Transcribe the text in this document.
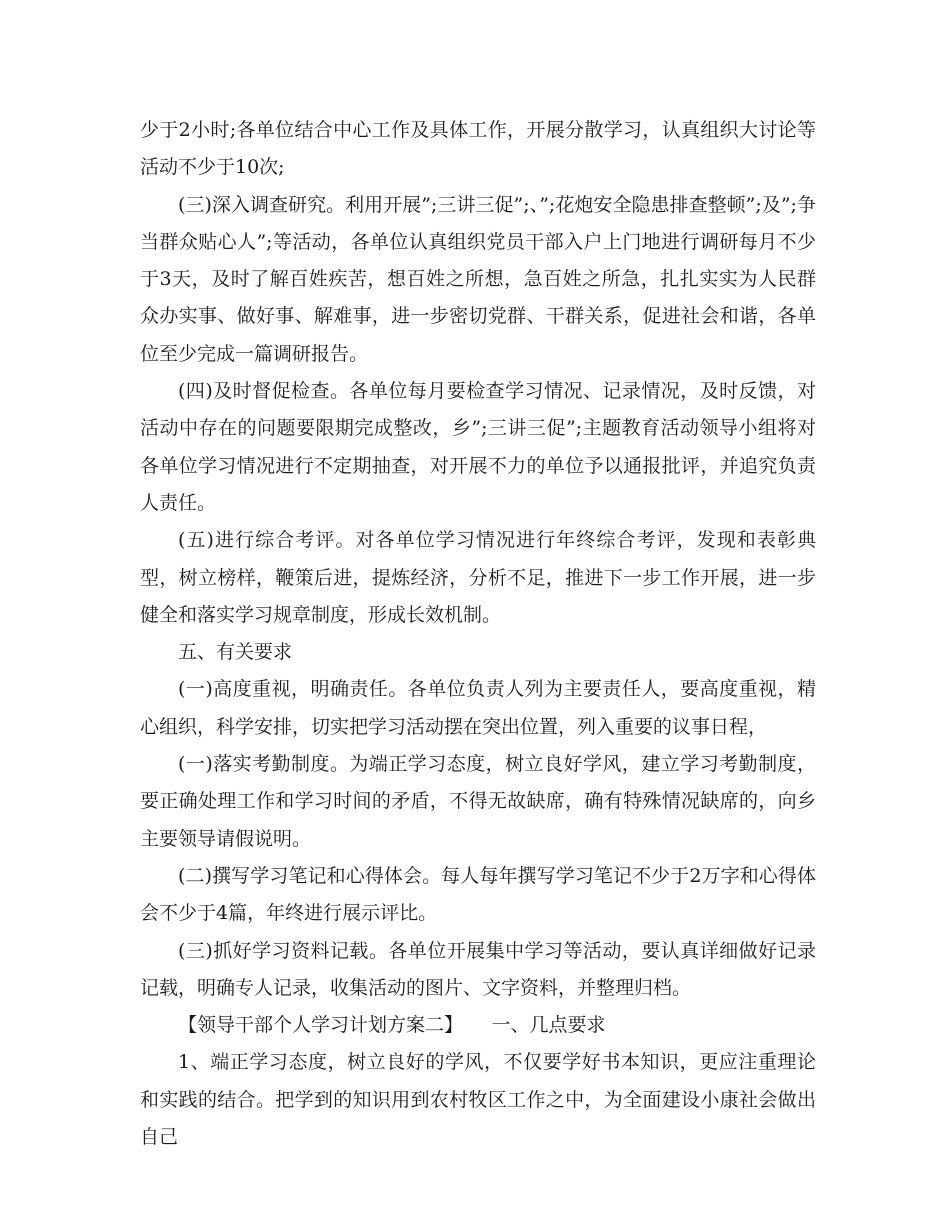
少于2小时;各单位结合中心工作及具体工作，开展分散学习，认真组织大讨论等活动不少于10次;

(三)深入调查研究。利用开展”;三讲三促”;、”;花炮安全隐患排查整顿”;及”;争当群众贴心人”;等活动，各单位认真组织党员干部入户上门地进行调研每月不少于3天，及时了解百姓疾苦，想百姓之所想，急百姓之所急，扎扎实实为人民群众办实事、做好事、解难事，进一步密切党群、干群关系，促进社会和谐，各单位至少完成一篇调研报告。

(四)及时督促检查。各单位每月要检查学习情况、记录情况，及时反馈，对活动中存在的问题要限期完成整改，乡”;三讲三促”;主题教育活动领导小组将对各单位学习情况进行不定期抽查，对开展不力的单位予以通报批评，并追究负责人责任。

(五)进行综合考评。对各单位学习情况进行年终综合考评，发现和表彰典型，树立榜样，鞭策后进，提炼经济，分析不足，推进下一步工作开展，进一步健全和落实学习规章制度，形成长效机制。

五、有关要求

(一)高度重视，明确责任。各单位负责人列为主要责任人，要高度重视，精心组织，科学安排，切实把学习活动摆在突出位置，列入重要的议事日程，

(一)落实考勤制度。为端正学习态度，树立良好学风，建立学习考勤制度，要正确处理工作和学习时间的矛盾，不得无故缺席，确有特殊情况缺席的，向乡主要领导请假说明。

(二)撰写学习笔记和心得体会。每人每年撰写学习笔记不少于2万字和心得体会不少于4篇，年终进行展示评比。

(三)抓好学习资料记载。各单位开展集中学习等活动，要认真详细做好记录记载，明确专人记录，收集活动的图片、文字资料，并整理归档。

【领导干部个人学习计划方案二】　　一、几点要求

1、端正学习态度，树立良好的学风，不仅要学好书本知识，更应注重理论和实践的结合。把学到的知识用到农村牧区工作之中，为全面建设小康社会做出自己
